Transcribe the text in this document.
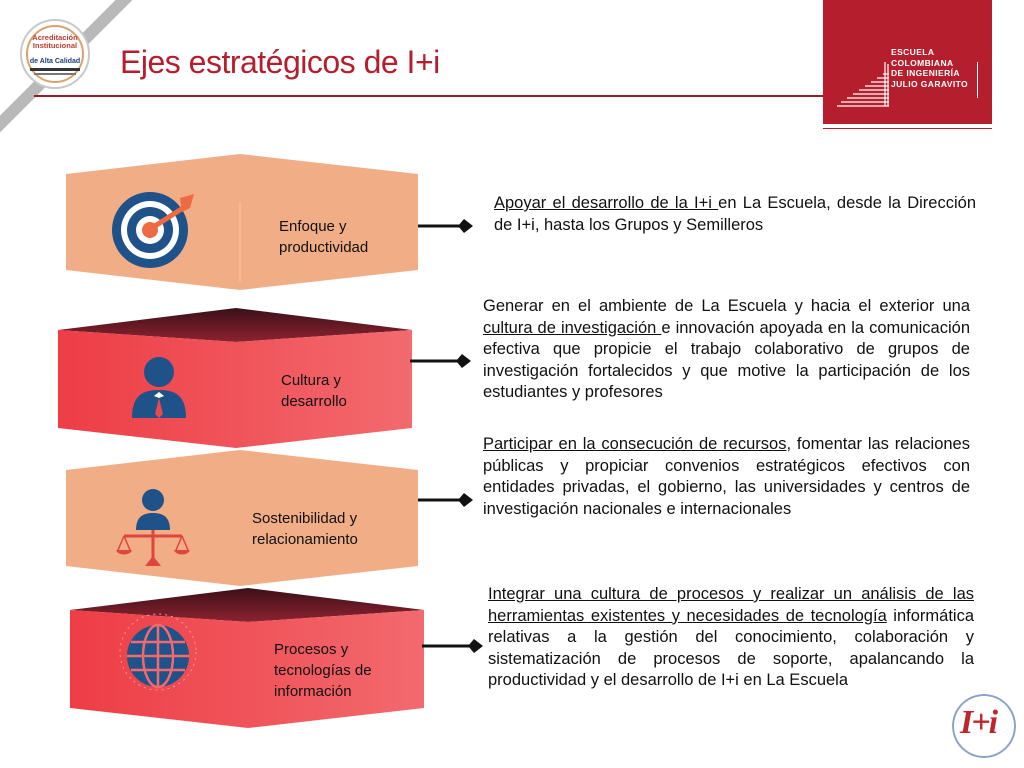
Acreditación
Institucional
de Alta Calidad Ejes estratégicos de I+i	ESCUELA
COLOMBIANA
DE INGENIERÍA
JULIO GARAVITO
Enfoque y
productividad
Apoyar el desarrollo de la I+i en La Escuela, desde la Dirección de I+i, hasta los Grupos y Semilleros
Cultura y
desarrollo
Generar en el ambiente de La Escuela y hacia el exterior una cultura de investigación e innovación apoyada en la comunicación efectiva que propicie el trabajo colaborativo de grupos de investigación fortalecidos y que motive la participación de los estudiantes y profesores
Sostenibilidad y
relacionamiento
Participar en la consecución de recursos, fomentar las relaciones públicas y propiciar convenios estratégicos efectivos con entidades privadas, el gobierno, las universidades y centros de investigación nacionales e internacionales
Procesos y
tecnologías de
información
Integrar una cultura de procesos y realizar un análisis de las herramientas existentes y necesidades de tecnología informática relativas a la gestión del conocimiento, colaboración y sistematización de procesos de soporte, apalancando la productividad y el desarrollo de I+i en La Escuela
I+i
